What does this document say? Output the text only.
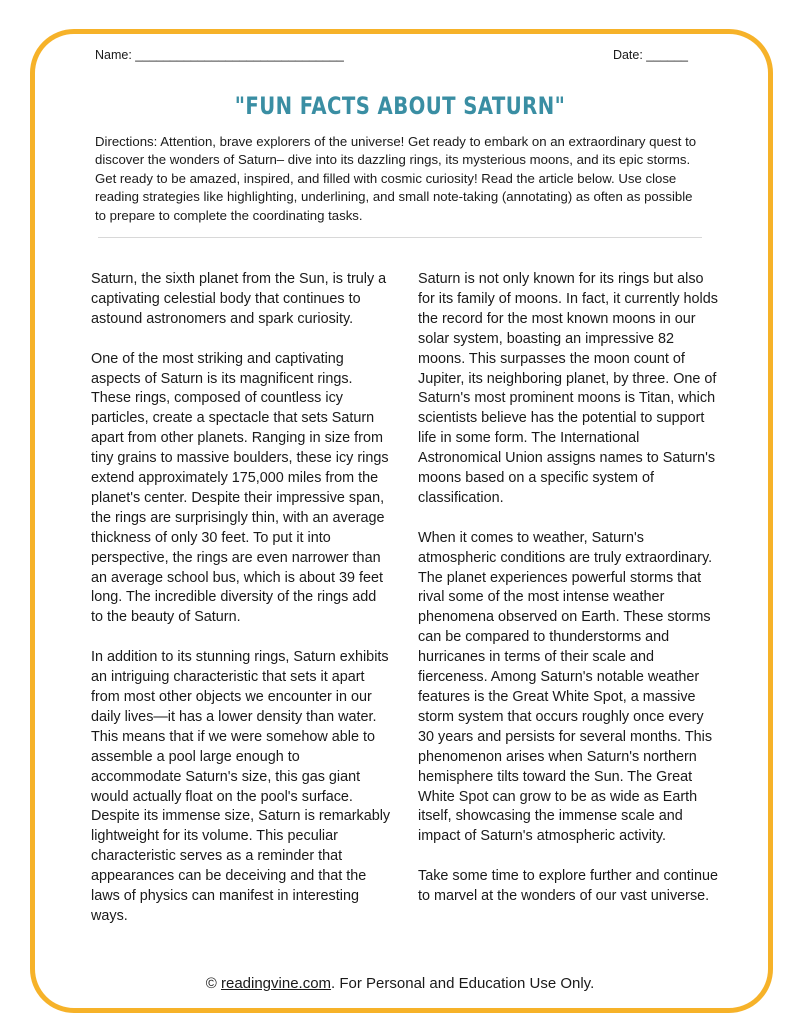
Name: ______________________________	Date: ______
"FUN FACTS ABOUT SATURN"
Directions: Attention, brave explorers of the universe! Get ready to embark on an extraordinary quest to discover the wonders of Saturn– dive into its dazzling rings, its mysterious moons, and its epic storms. Get ready to be amazed, inspired, and filled with cosmic curiosity! Read the article below. Use close reading strategies like highlighting, underlining, and small note-taking (annotating) as often as possible to prepare to complete the coordinating tasks.

Saturn, the sixth planet from the Sun, is truly a captivating celestial body that continues to astound astronomers and spark curiosity.

One of the most striking and captivating aspects of Saturn is its magnificent rings. These rings, composed of countless icy particles, create a spectacle that sets Saturn apart from other planets. Ranging in size from tiny grains to massive boulders, these icy rings extend approximately 175,000 miles from the planet's center. Despite their impressive span, the rings are surprisingly thin, with an average thickness of only 30 feet. To put it into perspective, the rings are even narrower than an average school bus, which is about 39 feet long. The incredible diversity of the rings add to the beauty of Saturn.

In addition to its stunning rings, Saturn exhibits an intriguing characteristic that sets it apart from most other objects we encounter in our daily lives—it has a lower density than water. This means that if we were somehow able to assemble a pool large enough to accommodate Saturn's size, this gas giant would actually float on the pool's surface. Despite its immense size, Saturn is remarkably lightweight for its volume. This peculiar characteristic serves as a reminder that appearances can be deceiving and that the laws of physics can manifest in interesting ways.

Saturn is not only known for its rings but also for its family of moons. In fact, it currently holds the record for the most known moons in our solar system, boasting an impressive 82 moons. This surpasses the moon count of Jupiter, its neighboring planet, by three. One of Saturn's most prominent moons is Titan, which scientists believe has the potential to support life in some form. The International Astronomical Union assigns names to Saturn's moons based on a specific system of classification.

When it comes to weather, Saturn's atmospheric conditions are truly extraordinary. The planet experiences powerful storms that rival some of the most intense weather phenomena observed on Earth. These storms can be compared to thunderstorms and hurricanes in terms of their scale and fierceness. Among Saturn's notable weather features is the Great White Spot, a massive storm system that occurs roughly once every 30 years and persists for several months. This phenomenon arises when Saturn's northern hemisphere tilts toward the Sun. The Great White Spot can grow to be as wide as Earth itself, showcasing the immense scale and impact of Saturn's atmospheric activity.

Take some time to explore further and continue to marvel at the wonders of our vast universe.

© readingvine.com. For Personal and Education Use Only.
